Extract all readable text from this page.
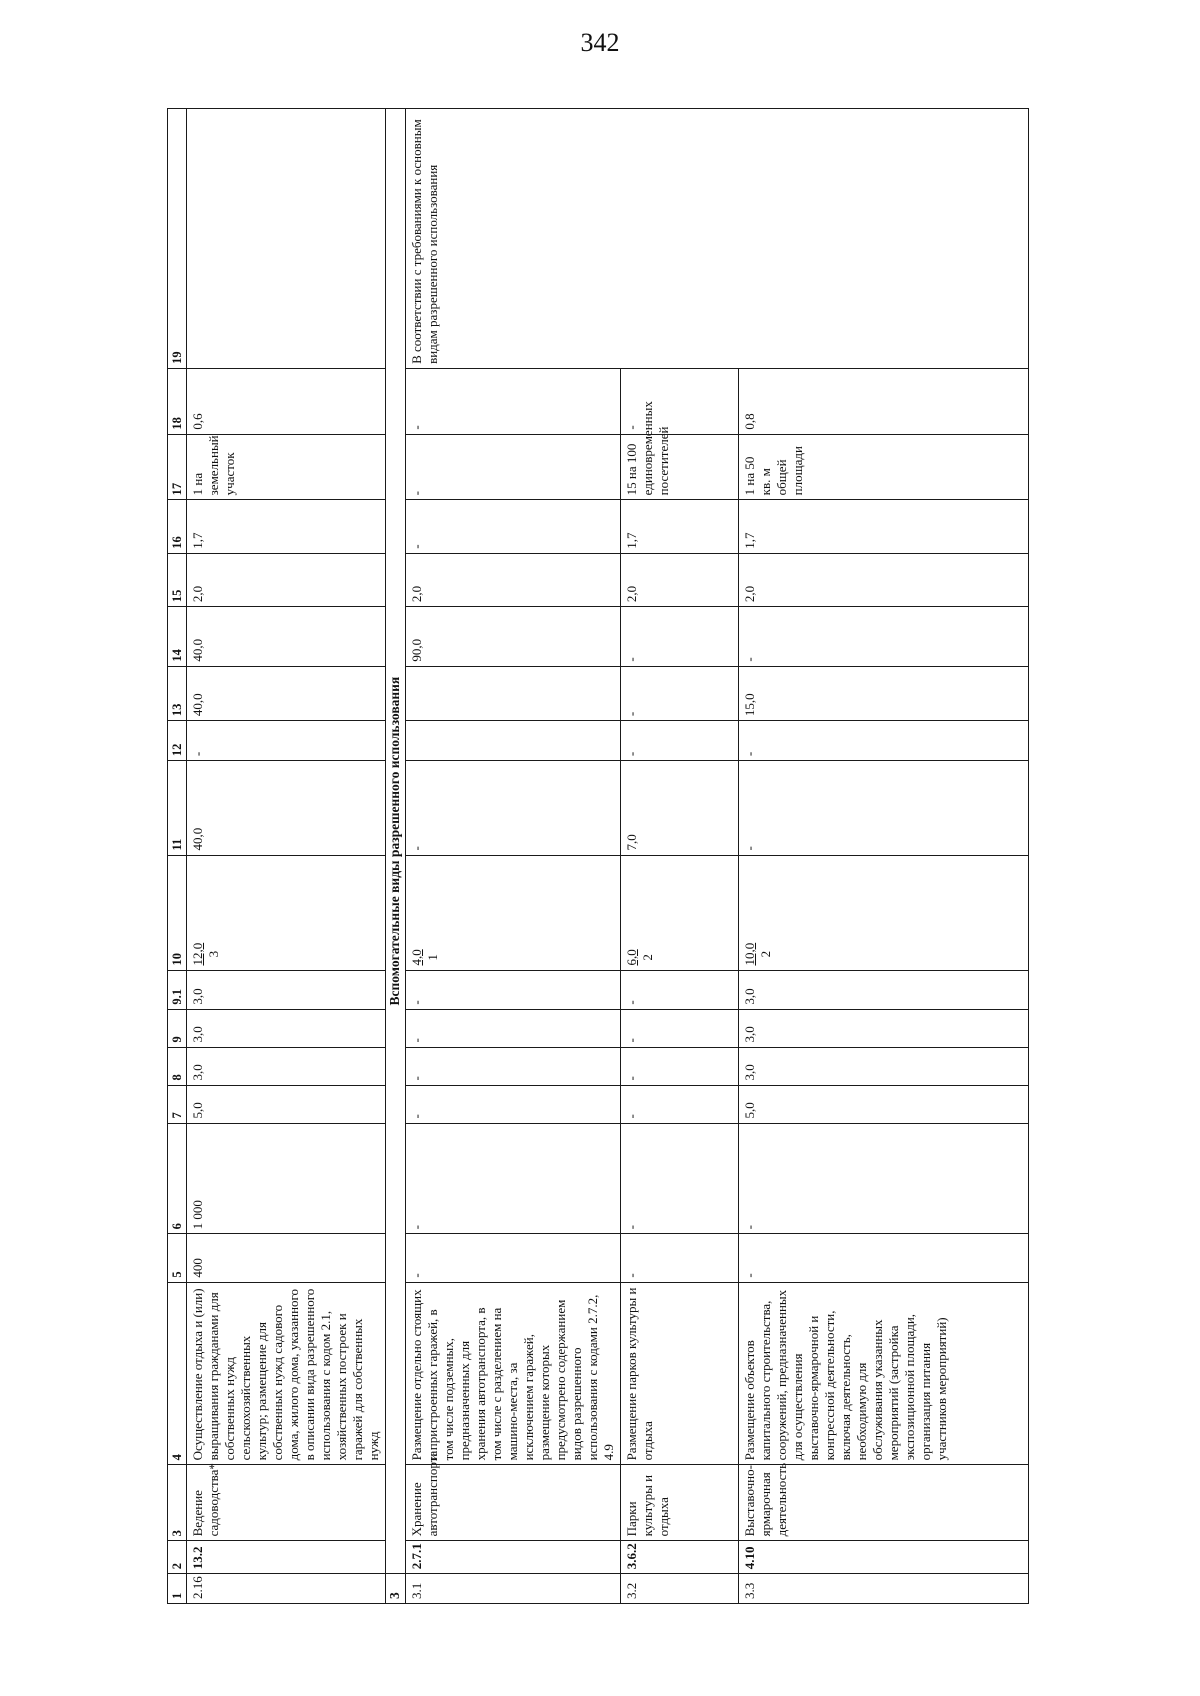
342
1	2	3	4	5	6	7	8	9	9.1	10	11	12	13	14	15	16	17	18	19
2.16	13.2	Ведение садоводства*	Осуществление отдыха и (или) выращивания гражданами для собственных нужд сельскохозяйственных культур; размещение для собственных нужд садового дома, жилого дома, указанного в описании вида разрешенного использования с кодом 2.1, хозяйственных построек и гаражей для собственных нужд	400	1 000	5,0	3,0	3,0	3,0	12,0 3	40,0	-	40,0	40,0	2,0	1,7	1 на земельный участок	0,6	
3	Вспомогательные виды разрешенного использования																		
3.1	2.7.1	Хранение автотранспорта	Размещение отдельно стоящих и пристроенных гаражей, в том числе подземных, предназначенных для хранения автотранспорта, в том числе с разделением на машино-места, за исключением гаражей, размещение которых предусмотрено содержанием видов разрешенного использования с кодами 2.7.2, 4.9	-	-	-	-	-	-	4,0 1	-			90,0	2,0	-	-	-	В соответствии с требованиями к основным видам разрешенного использования
3.2	3.6.2	Парки культуры и отдыха	Размещение парков культуры и отдыха	-	-	-	-	-	-	6,0 2	7,0	-	-	-	2,0	1,7	15 на 100 единовременных посетителей	-	
3.3	4.10	Выставочно-ярмарочная деятельность	Размещение объектов капитального строительства, сооружений, предназначенных для осуществления выставочно-ярмарочной и конгрессной деятельности, включая деятельность, необходимую для обслуживания указанных мероприятий (застройка экспозиционной площади, организация питания участников мероприятий)	-	-	5,0	3,0	3,0	3,0	10,0 2	-	-	15,0	-	2,0	1,7	1 на 50 кв. м общей площади	0,8	
